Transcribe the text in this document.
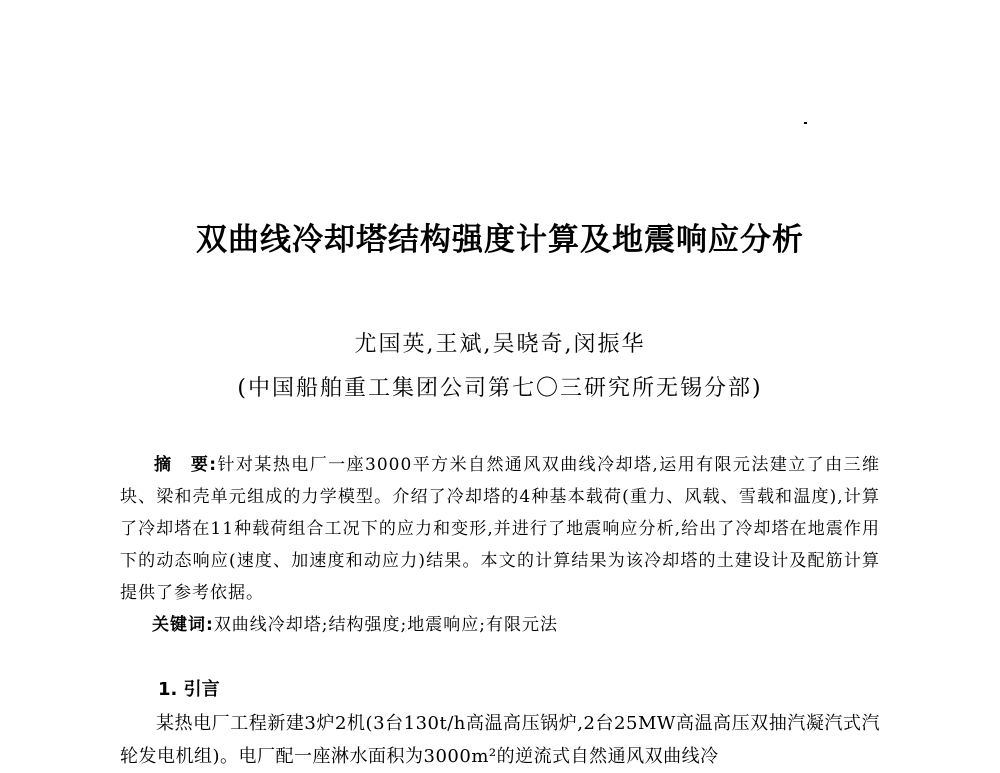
双曲线冷却塔结构强度计算及地震响应分析
尤国英,王斌,吴晓奇,闵振华
(中国船舶重工集团公司第七〇三研究所无锡分部)

摘　要:针对某热电厂一座3000平方米自然通风双曲线冷却塔,运用有限元法建立了由三维块、梁和壳单元组成的力学模型。介绍了冷却塔的4种基本载荷(重力、风载、雪载和温度),计算了冷却塔在11种载荷组合工况下的应力和变形,并进行了地震响应分析,给出了冷却塔在地震作用下的动态响应(速度、加速度和动应力)结果。本文的计算结果为该冷却塔的土建设计及配筋计算提供了参考依据。

关键词:双曲线冷却塔;结构强度;地震响应;有限元法

1. 引言

某热电厂工程新建3炉2机(3台130t/h高温高压锅炉,2台25MW高温高压双抽汽凝汽式汽轮发电机组)。电厂配一座淋水面积为3000m²的逆流式自然通风双曲线冷
